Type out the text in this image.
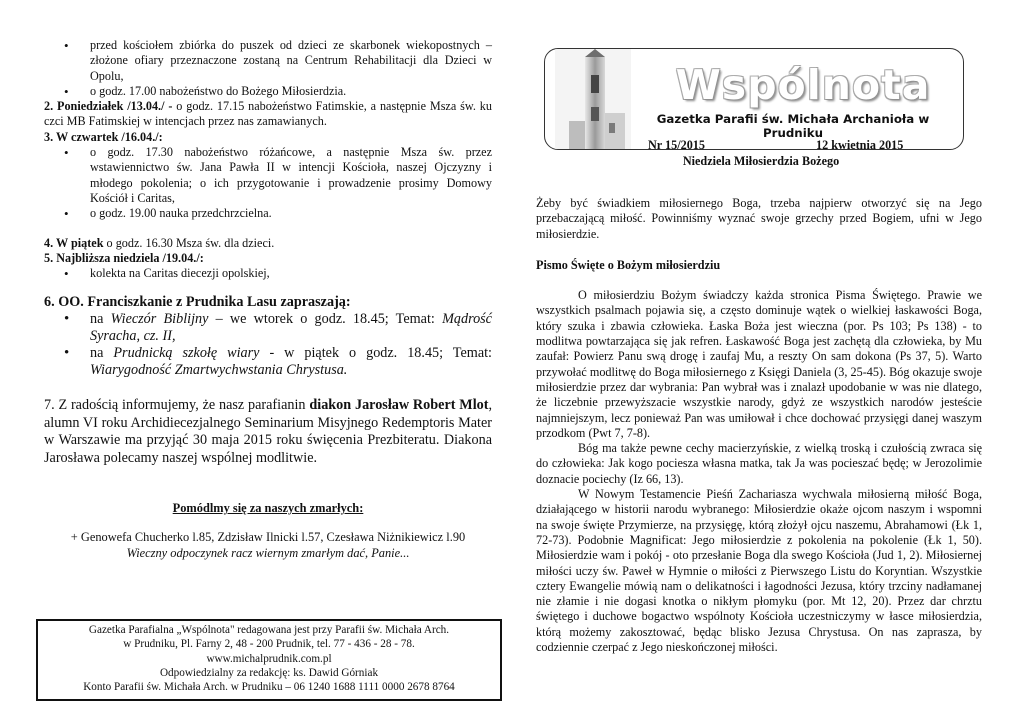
• przed kościołem zbiórka do puszek od dzieci ze skarbonek wiekopostnych – złożone ofiary przeznaczone zostaną na Centrum Rehabilitacji dla Dzieci w Opolu,
• o godz. 17.00 nabożeństwo do Bożego Miłosierdzia.

2. Poniedziałek /13.04./ - o godz. 17.15 nabożeństwo Fatimskie, a następnie Msza św. ku czci MB Fatimskiej w intencjach przez nas zamawianych.

3. W czwartek /16.04./:

• o godz. 17.30 nabożeństwo różańcowe, a następnie Msza św. przez wstawiennictwo św. Jana Pawła II w intencji Kościoła, naszej Ojczyzny i młodego pokolenia; o ich przygotowanie i prowadzenie prosimy Domowy Kościół i Caritas,
• o godz. 19.00 nauka przedchrzcielna.

4. W piątek o godz. 16.30 Msza św. dla dzieci.

5. Najbliższa niedziela /19.04./:

• kolekta na Caritas diecezji opolskiej,

6. OO. Franciszkanie z Prudnika Lasu zapraszają:

• na Wieczór Biblijny – we wtorek o godz. 18.45; Temat: Mądrość Syracha, cz. II,
• na Prudnicką szkołę wiary - w piątek o godz. 18.45; Temat: Wiarygodność Zmartwychwstania Chrystusa.

7. Z radością informujemy, że nasz parafianin diakon Jarosław Robert Mlot, alumn VI roku Archidiecezjalnego Seminarium Misyjnego Redemptoris Mater w Warszawie ma przyjąć 30 maja 2015 roku święcenia Prezbiteratu. Diakona Jarosława polecamy naszej wspólnej modlitwie.

Pomódlmy się za naszych zmarłych:

+ Genowefa Chucherko l.85, Zdzisław Ilnicki l.57, Czesława Niżnikiewicz l.90

Wieczny odpoczynek racz wiernym zmarłym dać, Panie...

Gazetka Parafialna „Wspólnota" redagowana jest przy Parafii św. Michała Arch.
w Prudniku, Pl. Farny 2, 48 - 200 Prudnik, tel. 77 - 436 - 28 - 78.
www.michalprudnik.com.pl
Odpowiedzialny za redakcję: ks. Dawid Górniak
Konto Parafii św. Michała Arch. w Prudniku – 06 1240 1688 1111 0000 2678 8764
Wspólnota
Gazetka Parafii św. Michała Archanioła w Prudniku
Nr 15/2015	12 kwietnia 2015
Niedziela Miłosierdzia Bożego

Żeby być świadkiem miłosiernego Boga, trzeba najpierw otworzyć się na Jego przebaczającą miłość. Powinniśmy wyznać swoje grzechy przed Bogiem, ufni w Jego miłosierdzie.

Pismo Święte o Bożym miłosierdziu

O miłosierdziu Bożym świadczy każda stronica Pisma Świętego. Prawie we wszystkich psalmach pojawia się, a często dominuje wątek o wielkiej łaskawości Boga, który szuka i zbawia człowieka. Łaska Boża jest wieczna (por. Ps 103; Ps 138) - to modlitwa powtarzająca się jak refren. Łaskawość Boga jest zachętą dla człowieka, by Mu zaufał: Powierz Panu swą drogę i zaufaj Mu, a reszty On sam dokona (Ps 37, 5). Warto przywołać modlitwę do Boga miłosiernego z Księgi Daniela (3, 25-45). Bóg okazuje swoje miłosierdzie przez dar wybrania: Pan wybrał was i znalazł upodobanie w was nie dlatego, że liczebnie przewyższacie wszystkie narody, gdyż ze wszystkich narodów jesteście najmniejszym, lecz ponieważ Pan was umiłował i chce dochować przysięgi danej waszym przodkom (Pwt 7, 7-8).

Bóg ma także pewne cechy macierzyńskie, z wielką troską i czułością zwraca się do człowieka: Jak kogo pociesza własna matka, tak Ja was pocieszać będę; w Jerozolimie doznacie pociechy (Iz 66, 13).

W Nowym Testamencie Pieśń Zachariasza wychwala miłosierną miłość Boga, działającego w historii narodu wybranego: Miłosierdzie okaże ojcom naszym i wspomni na swoje święte Przymierze, na przysięgę, którą złożył ojcu naszemu, Abrahamowi (Łk 1, 72-73). Podobnie Magnificat: Jego miłosierdzie z pokolenia na pokolenie (Łk 1, 50). Miłosierdzie wam i pokój - oto przesłanie Boga dla swego Kościoła (Jud 1, 2). Miłosiernej miłości uczy św. Paweł w Hymnie o miłości z Pierwszego Listu do Koryntian. Wszystkie cztery Ewangelie mówią nam o delikatności i łagodności Jezusa, który trzciny nadłamanej nie złamie i nie dogasi knotka o nikłym płomyku (por. Mt 12, 20). Przez dar chrztu świętego i duchowe bogactwo wspólnoty Kościoła uczestniczymy w łasce miłosierdzia, którą możemy zakosztować, będąc blisko Jezusa Chrystusa. On nas zaprasza, by codziennie czerpać z Jego nieskończonej miłości.
